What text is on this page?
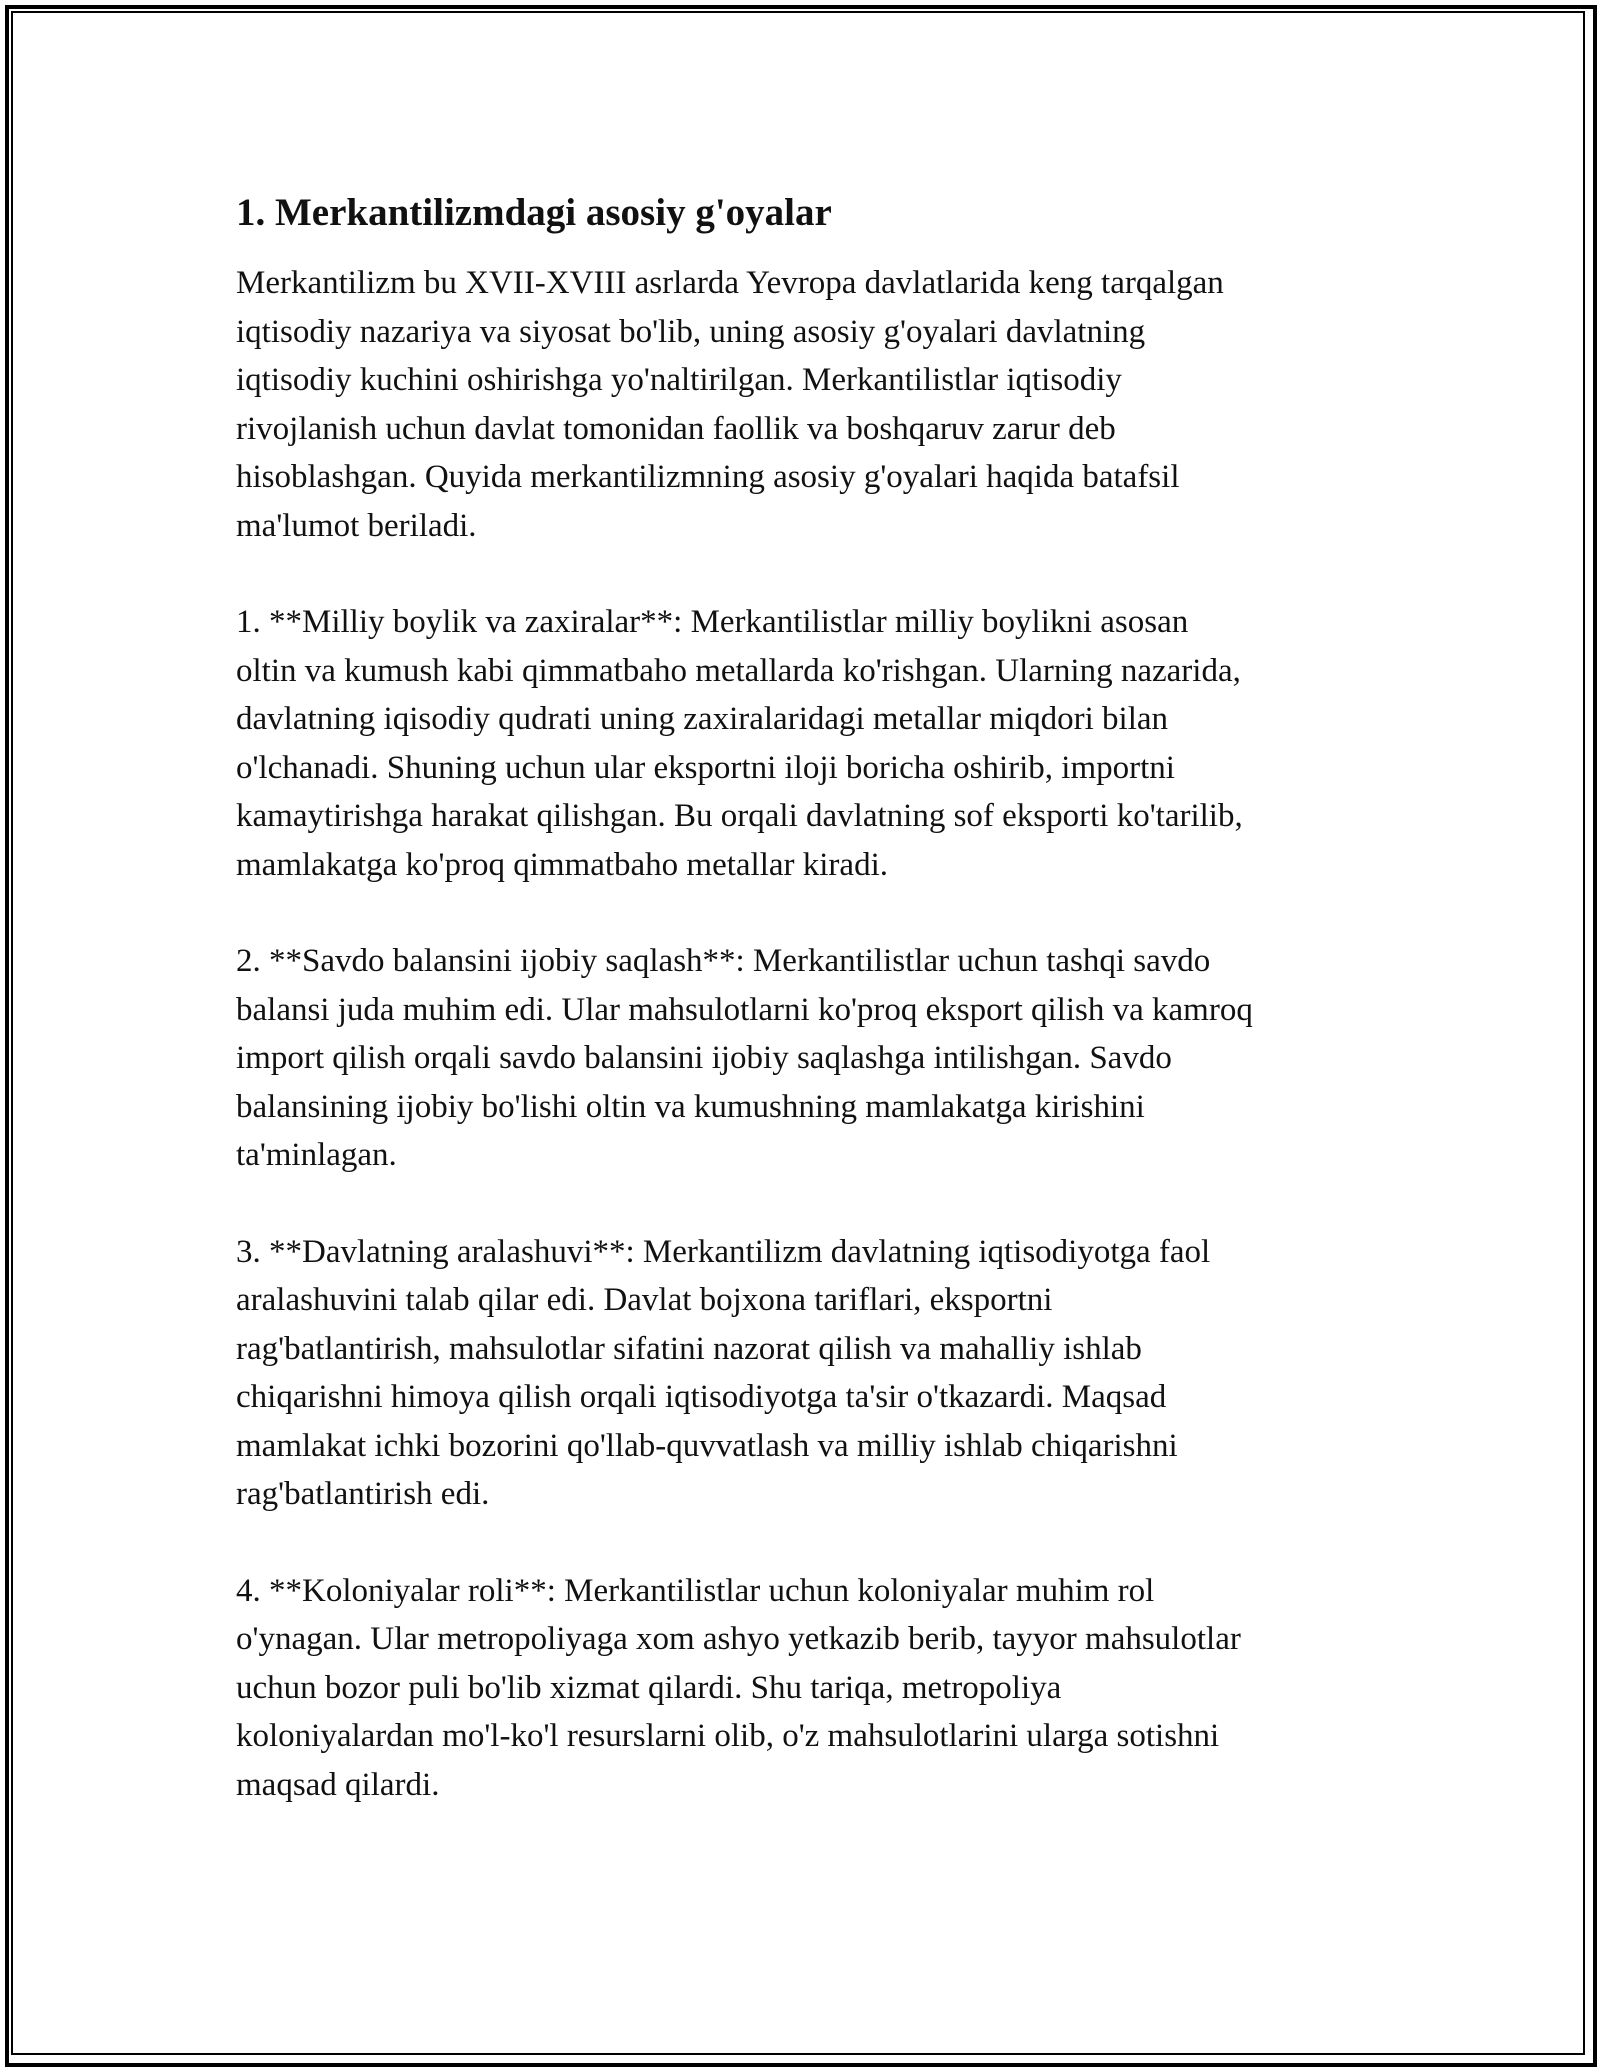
1. Merkantilizmdagi asosiy g'oyalar

Merkantilizm bu XVII-XVIII asrlarda Yevropa davlatlarida keng tarqalgan
iqtisodiy nazariya va siyosat bo'lib, uning asosiy g'oyalari davlatning
iqtisodiy kuchini oshirishga yo'naltirilgan. Merkantilistlar iqtisodiy
rivojlanish uchun davlat tomonidan faollik va boshqaruv zarur deb
hisoblashgan. Quyida merkantilizmning asosiy g'oyalari haqida batafsil
ma'lumot beriladi.

1. **Milliy boylik va zaxiralar**: Merkantilistlar milliy boylikni asosan
oltin va kumush kabi qimmatbaho metallarda ko'rishgan. Ularning nazarida,
davlatning iqisodiy qudrati uning zaxiralaridagi metallar miqdori bilan
o'lchanadi. Shuning uchun ular eksportni iloji boricha oshirib, importni
kamaytirishga harakat qilishgan. Bu orqali davlatning sof eksporti ko'tarilib,
mamlakatga ko'proq qimmatbaho metallar kiradi.

2. **Savdo balansini ijobiy saqlash**: Merkantilistlar uchun tashqi savdo
balansi juda muhim edi. Ular mahsulotlarni ko'proq eksport qilish va kamroq
import qilish orqali savdo balansini ijobiy saqlashga intilishgan. Savdo
balansining ijobiy bo'lishi oltin va kumushning mamlakatga kirishini
ta'minlagan.

3. **Davlatning aralashuvi**: Merkantilizm davlatning iqtisodiyotga faol
aralashuvini talab qilar edi. Davlat bojxona tariflari, eksportni
rag'batlantirish, mahsulotlar sifatini nazorat qilish va mahalliy ishlab
chiqarishni himoya qilish orqali iqtisodiyotga ta'sir o'tkazardi. Maqsad
mamlakat ichki bozorini qo'llab-quvvatlash va milliy ishlab chiqarishni
rag'batlantirish edi.

4. **Koloniyalar roli**: Merkantilistlar uchun koloniyalar muhim rol
o'ynagan. Ular metropoliyaga xom ashyo yetkazib berib, tayyor mahsulotlar
uchun bozor puli bo'lib xizmat qilardi. Shu tariqa, metropoliya
koloniyalardan mo'l-ko'l resurslarni olib, o'z mahsulotlarini ularga sotishni
maqsad qilardi.
